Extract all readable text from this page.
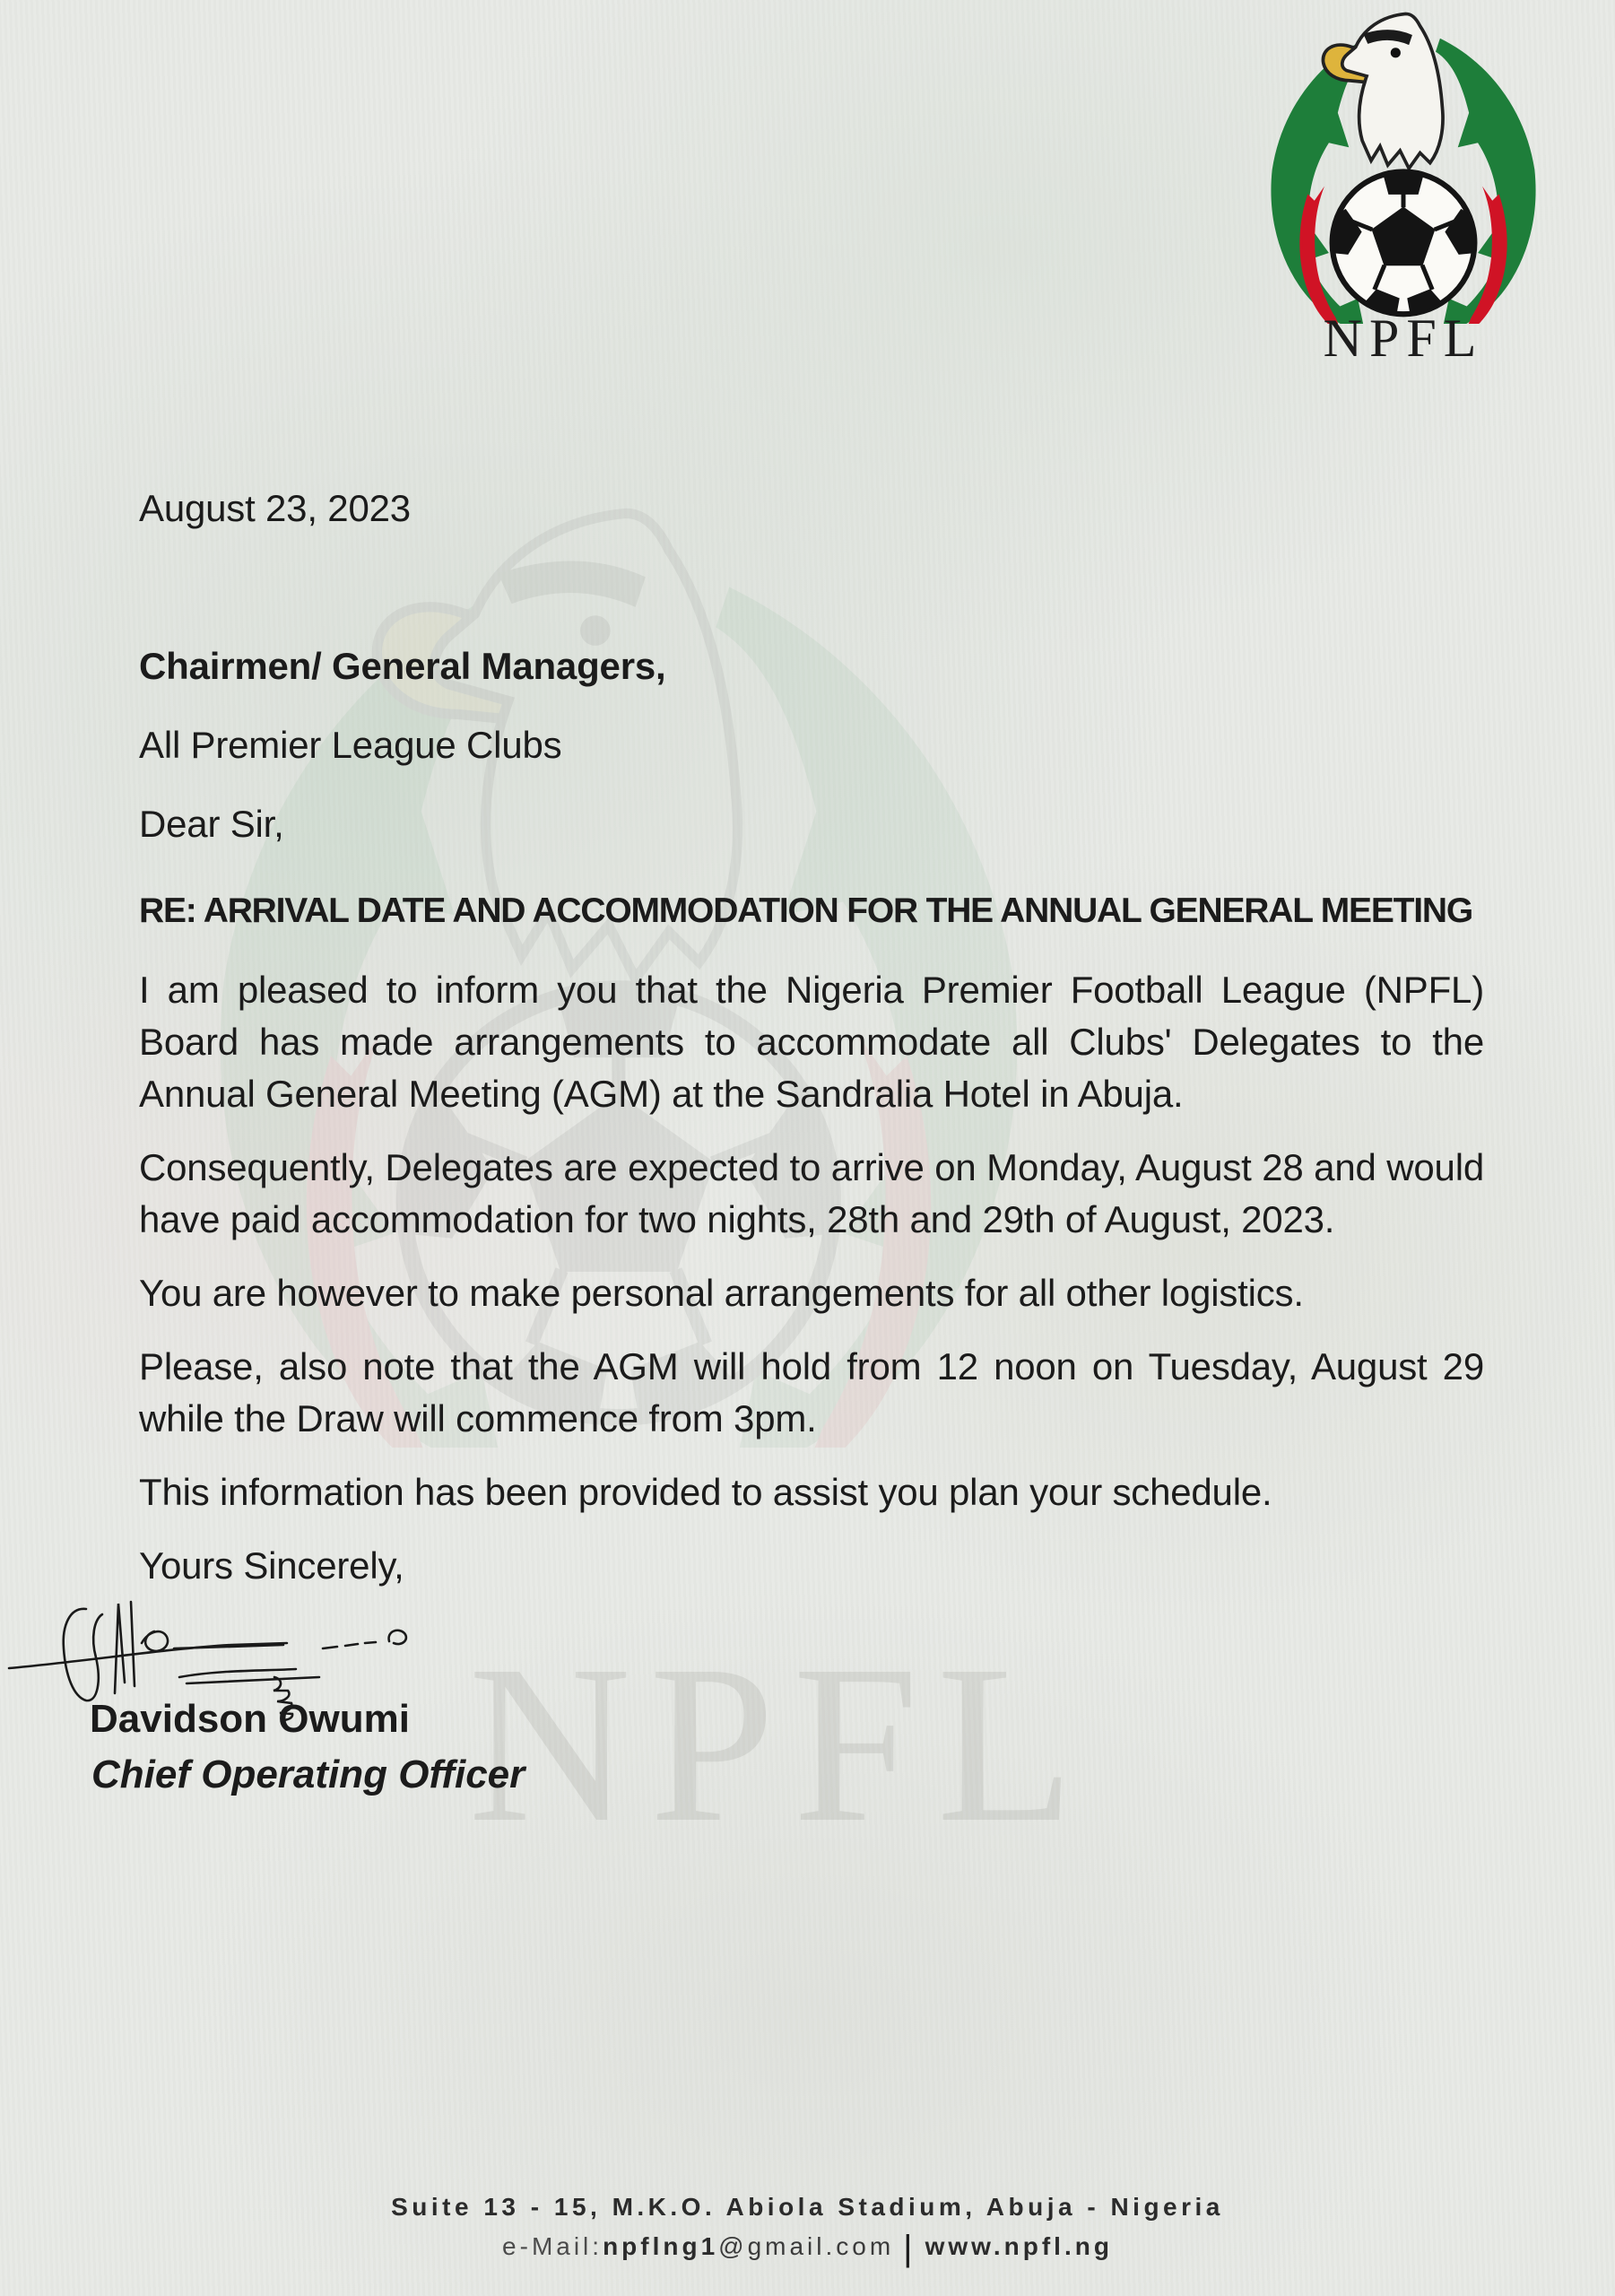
NPFL
NPFL

August 23, 2023

Chairmen/ General Managers,

All Premier League Clubs

Dear Sir,

RE: ARRIVAL DATE AND ACCOMMODATION FOR THE ANNUAL GENERAL MEETING

I am pleased to inform you that the Nigeria Premier Football League (NPFL) Board has made arrangements to accommodate all Clubs' Delegates to the Annual General Meeting (AGM) at the Sandralia Hotel in Abuja.

Consequently, Delegates are expected to arrive on Monday, August 28 and would have paid accommodation for two nights, 28th and 29th of August, 2023.

You are however to make personal arrangements for all other logistics.

Please, also note that the AGM will hold from 12 noon on Tuesday, August 29 while the Draw will commence from 3pm.

This information has been provided to assist you plan your schedule.

Yours Sincerely,

Davidson Owumi
Chief Operating Officer
Suite 13 - 15, M.K.O. Abiola Stadium, Abuja - Nigeria
e-Mail:npflng1@gmail.com | www.npfl.ng
